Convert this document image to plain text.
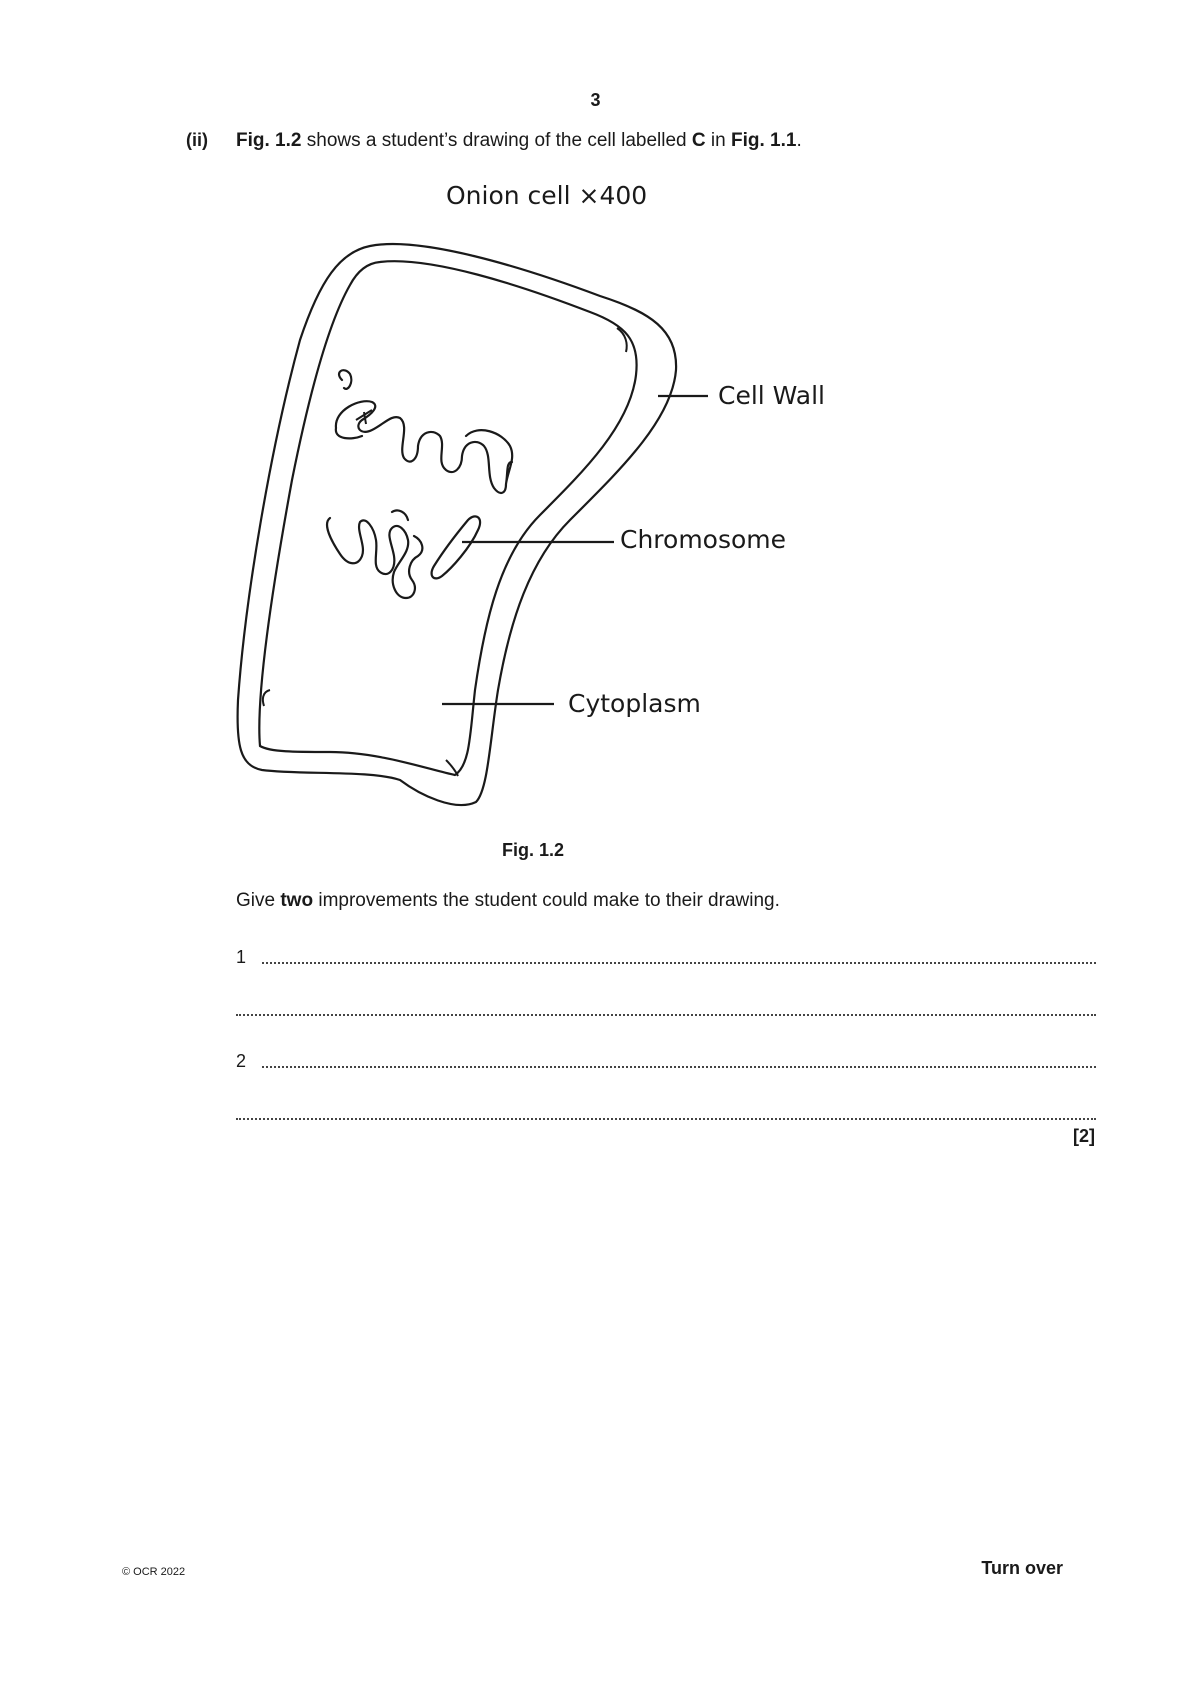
3
(ii) Fig. 1.2 shows a student’s drawing of the cell labelled C in Fig. 1.1.
Onion cell ×400
Cell Wall
Chromosome
Cytoplasm
Fig. 1.2
Give two improvements the student could make to their drawing.
1
2
[2]
© OCR 2022	Turn over
